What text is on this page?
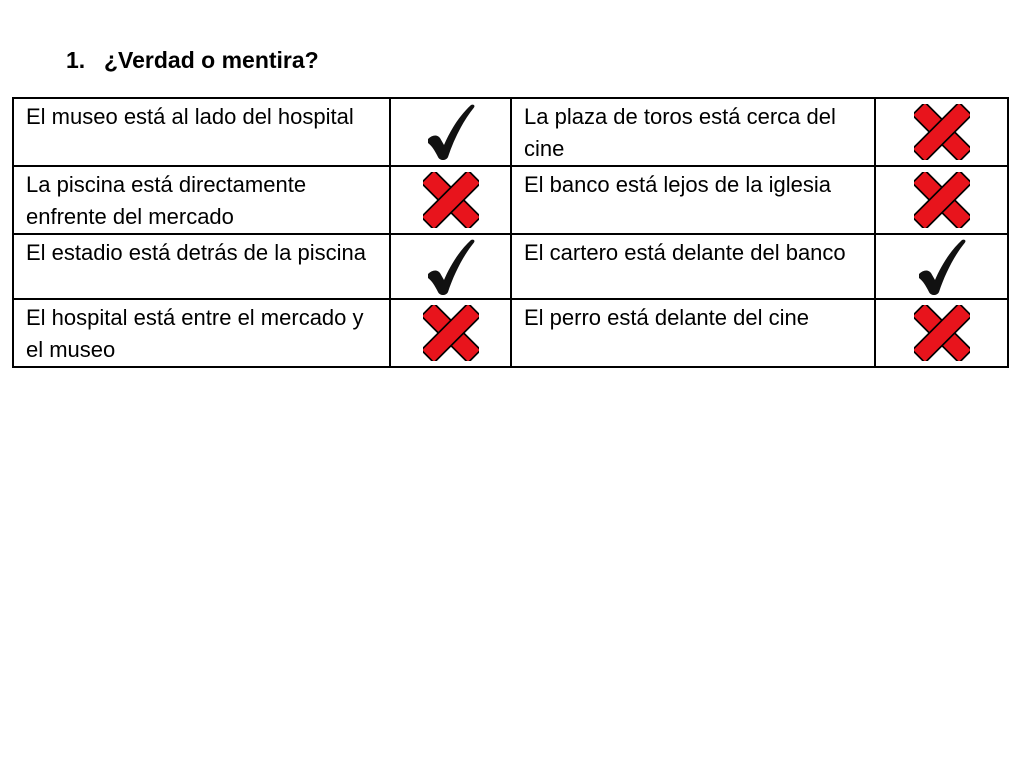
1. ¿Verdad o mentira?
El museo está al lado del hospital		La plaza de toros está cerca del cine	

La piscina está directamente enfrente del mercado		El banco está lejos de la iglesia	

El estadio está detrás de la piscina		El cartero está delante del banco	

El hospital está entre el mercado y el museo		El perro está delante del cine	
